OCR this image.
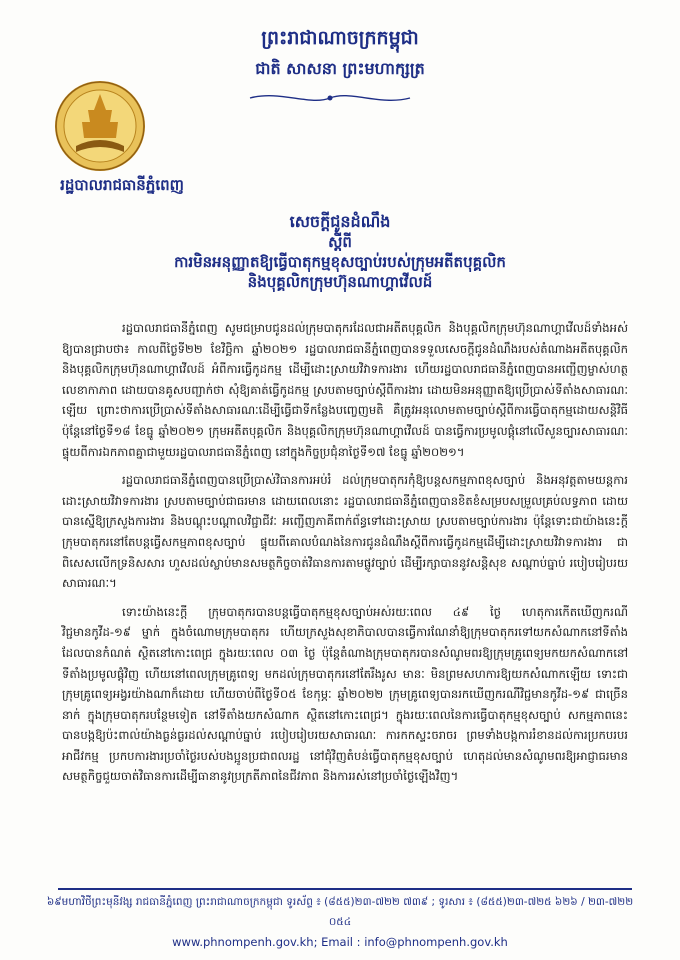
ព្រះរាជាណាចក្រកម្ពុជា
ជាតិ សាសនា ព្រះមហាក្សត្រ
រដ្ឋបាលរាជធានីភ្នំពេញ
សេចក្តីជូនដំណឹង
ស្តីពី
ការមិនអនុញ្ញាតឱ្យធ្វើបាតុកម្មខុសច្បាប់របស់ក្រុមអតីតបុគ្គលិក
និងបុគ្គលិកក្រុមហ៊ុនណាហ្គាវើលដ៍

រដ្ឋបាលរាជធានីភ្នំពេញ សូមជម្រាបជូនដល់ក្រុមបាតុករដែលជាអតីតបុគ្គលិក និងបុគ្គលិកក្រុមហ៊ុនណាហ្គាវើលដ៍ទាំងអស់ ឱ្យបានជ្រាបថា៖ កាលពីថ្ងៃទី២២ ខែវិច្ឆិកា ឆ្នាំ២០២១ រដ្ឋបាលរាជធានីភ្នំពេញបានទទួលសេចក្តីជូនដំណឹងរបស់តំណាងអតីតបុគ្គលិក និងបុគ្គលិកក្រុមហ៊ុនណាហ្គាវើលដ៍ អំពីការធ្វើកូដកម្ម ដើម្បីដោះស្រាយវិវាទការងារ ហើយរដ្ឋបាលរាជធានីភ្នំពេញបានអញ្ជើញម្ចាស់ហត្ថលេខាកាភាព ដោយបានគូសបញ្ជាក់ថា សុំឱ្យគាត់ធ្វើកូដកម្ម ស្របតាមច្បាប់ស្តីពីការងារ ដោយមិនអនុញ្ញាតឱ្យប្រើប្រាស់ទីតាំងសាធារណៈឡើយ ព្រោះថាការប្រើប្រាស់ទីតាំងសាធារណៈដើម្បីធ្វើជាទីកន្លែងបញ្ចេញមតិ គឺត្រូវអនុលោមតាមច្បាប់ស្តីពីការធ្វើបាតុកម្មដោយសន្តិវិធី ប៉ុន្តែនៅថ្ងៃទី១៨ ខែធ្នូ ឆ្នាំ២០២១ ក្រុមអតីតបុគ្គលិក និងបុគ្គលិកក្រុមហ៊ុនណាហ្គាវើលដ៍ បានធ្វើការប្រមូលផ្តុំនៅលើសួនច្បារសាធារណៈ ផ្ទុយពីការឯកភាពគ្នាជាមួយរដ្ឋបាលរាជធានីភ្នំពេញ នៅក្នុងកិច្ចប្រជុំនាថ្ងៃទី១៧ ខែធ្នូ ឆ្នាំ២០២១។

រដ្ឋបាលរាជធានីភ្នំពេញបានប្រើប្រាស់វិធានការអប់រំ ដល់ក្រុមបាតុករកុំឱ្យបន្តសកម្មភាពខុសច្បាប់ និងអនុវត្តតាមយន្តការដោះស្រាយវិវាទការងារ ស្របតាមច្បាប់ជាធរមាន ដោយពេលនោះ រដ្ឋបាលរាជធានីភ្នំពេញបានខិតខំសម្របសម្រួលគ្រប់លទ្ធភាព ដោយបានស្នើឱ្យក្រសួងការងារ និងបណ្តុះបណ្តាលវិជ្ជាជីវៈ អញ្ជើញភាគីពាក់ព័ន្ធទៅដោះស្រាយ ស្របតាមច្បាប់ការងារ ប៉ុន្តែទោះជាយ៉ាងនេះក្តី ក្រុមបាតុករនៅតែបន្តធ្វើសកម្មភាពខុសច្បាប់ ផ្ទុយពីគោលបំណងនៃការជូនដំណឹងស្តីពីការធ្វើកូដកម្មដើម្បីដោះស្រាយវិវាទការងារ ជាពិសេសលើកទ្រនិសសារ ហួសដល់ស្លាប់មានសមត្ថកិច្ចចាត់វិធានការតាមផ្លូវច្បាប់ ដើម្បីរក្សាបាននូវសន្តិសុខ សណ្តាប់ធ្នាប់ របៀបរៀបរយសាធារណៈ។

ទោះយ៉ាងនេះក្តី ក្រុមបាតុករបានបន្តធ្វើបាតុកម្មខុសច្បាប់អស់រយៈពេល ៤៩ ថ្ងៃ ហេតុការកើតឃើញករណីវិជ្ជមានកូវីដ-១៩ ម្នាក់ ក្នុងចំណោមក្រុមបាតុករ ហើយក្រសួងសុខាភិបាលបានធ្វើការណែនាំឱ្យក្រុមបាតុករទៅយកសំណាកនៅទីតាំងដែលបានកំណត់ ស្ថិតនៅកោះពេជ្រ ក្នុងរយៈពេល ០៣ ថ្ងៃ ប៉ុន្តែតំណាងក្រុមបាតុករបានសំណូមពរឱ្យក្រុមគ្រូពេទ្យមកយកសំណាកនៅទីតាំងប្រមូលផ្តុំវិញ ហើយនៅពេលក្រុមគ្រូពេទ្យ មកដល់ក្រុមបាតុករនៅតែរឹងរូស មានៈ មិនព្រមសហការឱ្យយកសំណាកឡើយ ទោះជាក្រុមគ្រូពេទ្យអង្វរយ៉ាងណាក៏ដោយ ហើយចាប់ពីថ្ងៃទី០៥ ខែកុម្ភៈ ឆ្នាំ២០២២ ក្រុមគ្រូពេទ្យបានរកឃើញករណីវិជ្ជមានកូវីដ-១៩ ជាច្រើននាក់ ក្នុងក្រុមបាតុករបន្ថែមទៀត នៅទីតាំងយកសំណាក ស្ថិតនៅកោះពេជ្រ។ ក្នុងរយៈពេលនៃការធ្វើបាតុកម្មខុសច្បាប់ សកម្មភាពនេះបានបង្កឱ្យប៉ះពាល់យ៉ាងធ្ងន់ធ្ងរដល់សណ្តាប់ធ្នាប់ របៀបរៀបរយសាធារណៈ ការកកស្ទះចរាចរ ព្រមទាំងបង្កការរំខានដល់ការប្រកបរបរអាជីវកម្ម ប្រកបការងារប្រចាំថ្ងៃរបស់បងប្អូនប្រជាពលរដ្ឋ នៅជុំវិញតំបន់ធ្វើបាតុកម្មខុសច្បាប់ ហេតុដល់មានសំណូមពរឱ្យអាជ្ញាធរមានសមត្ថកិច្ចជួយចាត់វិធានការដើម្បីធានានូវប្រក្រតីភាពនៃជីវភាព និងការរស់នៅប្រចាំថ្ងៃឡើងវិញ។

៦៩មហាវិថីព្រះមុនីវង្ស រាជធានីភ្នំពេញ ព្រះរាជាណាចក្រកម្ពុជា ទូរស័ព្ទ ៖ (៨៥៥)២៣-៧២២ ៧៣៩ ; ទូរសារ ៖ (៨៥៥)២៣-៧២៥ ៦២៦ / ២៣-៧២២ ០៥៤
www.phnompenh.gov.kh; Email : info@phnompenh.gov.kh
